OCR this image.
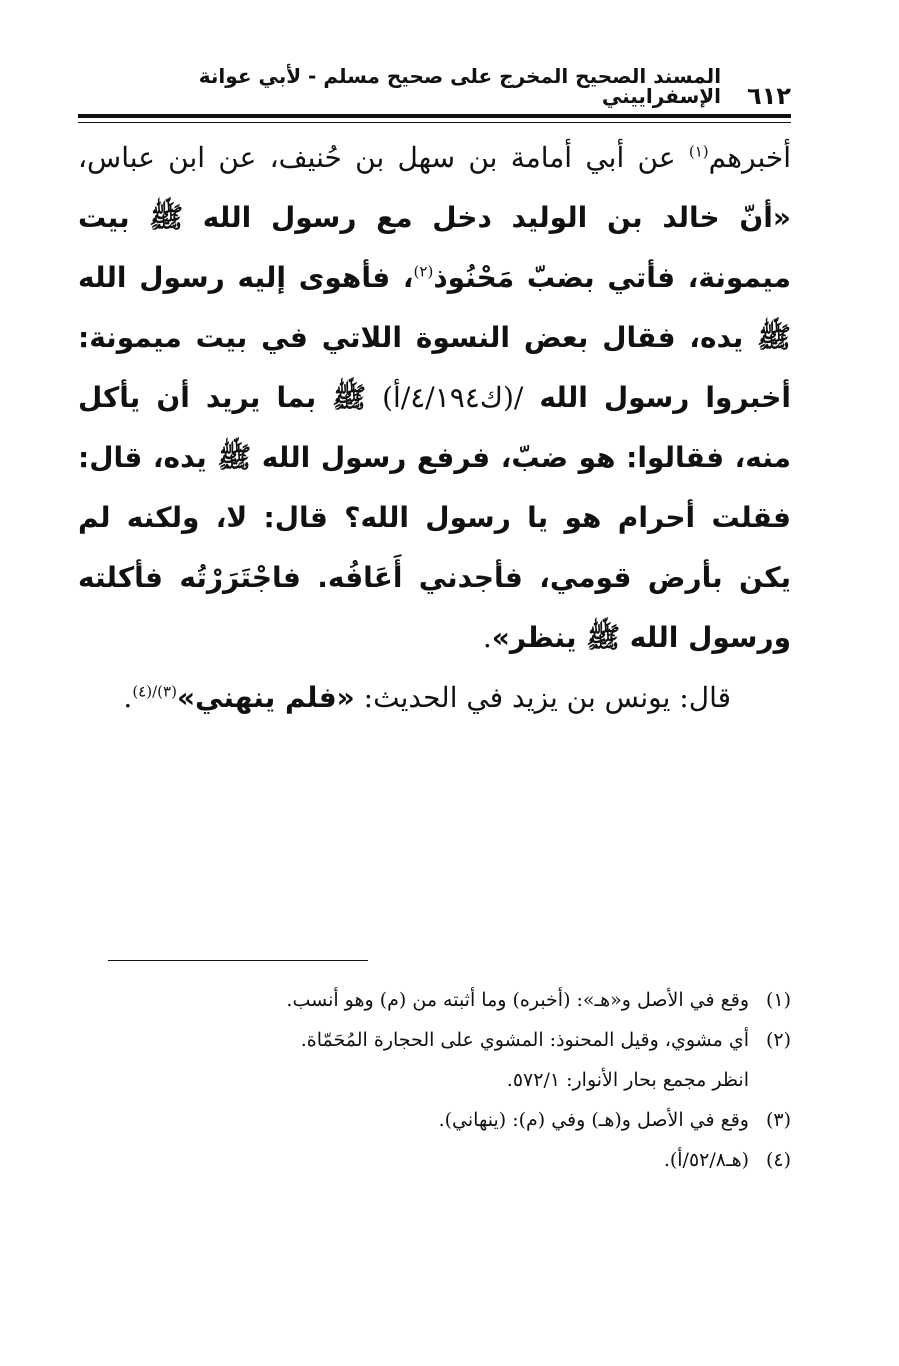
٦١٢
المسند الصحيح المخرج على صحيح مسلم - لأبي عوانة الإسفراييني

أخبرهم$^{(١)}$ عن أبي أمامة بن سهل بن حُنيف، عن ابن عباس، «أنّ خالد بن الوليد دخل مع رسول الله ﷺ بيت ميمونة، فأتي بضبّ مَحْنُوذ$^{(٢)}$، فأهوى إليه رسول الله ﷺ يده، فقال بعض النسوة اللاتي في بيت ميمونة: أخبروا رسول الله /(ك٤/١٩٤/أ) ﷺ بما يريد أن يأكل منه، فقالوا: هو ضبّ، فرفع رسول الله ﷺ يده، قال: فقلت أحرام هو يا رسول الله؟ قال: لا، ولكنه لم يكن بأرض قومي، فأجدني أَعَافُه. فاجْتَرَرْتُه فأكلته ورسول الله ﷺ ينظر».

قال: يونس بن يزيد في الحديث: «فلم ينهني»$^{(٣)/(٤)}$.

(١)
وقع في الأصل و«هـ»: (أخبره) وما أثبته من (م) وهو أنسب.
(٢)
أي مشوي، وقيل المحنوذ: المشوي على الحجارة المُحَمّاة.
انظر مجمع بحار الأنوار: ٥٧٢/١.
(٣)
وقع في الأصل و(هـ) وفي (م): (ينهاني).
(٤)
(هـ٥٢/٨/أ).
